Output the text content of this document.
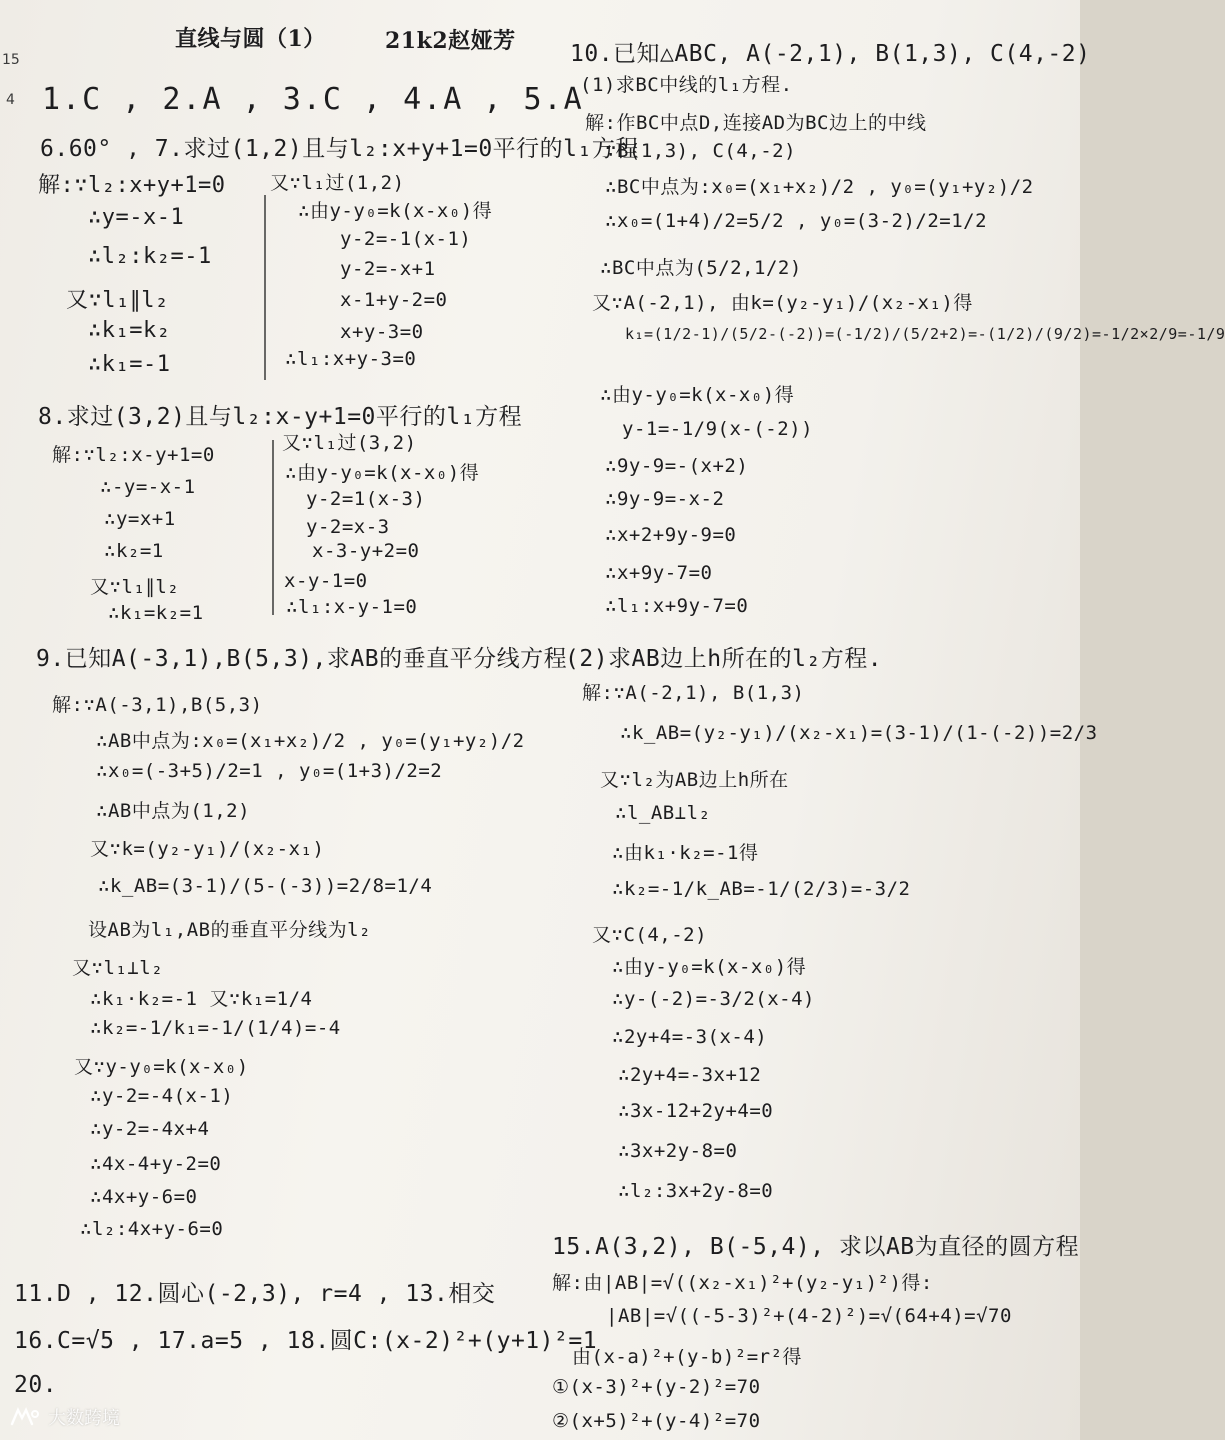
15
4
直线与圆（1）	21k2赵娅芳
1.C , 2.A , 3.C , 4.A , 5.A
6.60° , 7.求过(1,2)且与l₂:x+y+1=0平行的l₁方程
解:∵l₂:x+y+1=0
∴y=-x-1
∴l₂:k₂=-1
又∵l₁∥l₂
∴k₁=k₂
∴k₁=-1
又∵l₁过(1,2)
∴由y-y₀=k(x-x₀)得
y-2=-1(x-1)
y-2=-x+1
x-1+y-2=0
x+y-3=0
∴l₁:x+y-3=0
8.求过(3,2)且与l₂:x-y+1=0平行的l₁方程
解:∵l₂:x-y+1=0
∴-y=-x-1
∴y=x+1
∴k₂=1
又∵l₁∥l₂
∴k₁=k₂=1
又∵l₁过(3,2)
∴由y-y₀=k(x-x₀)得
y-2=1(x-3)
y-2=x-3
x-3-y+2=0
x-y-1=0
∴l₁:x-y-1=0
9.已知A(-3,1),B(5,3),求AB的垂直平分线方程
解:∵A(-3,1),B(5,3)
∴AB中点为:x₀=(x₁+x₂)/2 , y₀=(y₁+y₂)/2
∴x₀=(-3+5)/2=1 , y₀=(1+3)/2=2
∴AB中点为(1,2)
又∵k=(y₂-y₁)/(x₂-x₁)
∴k_AB=(3-1)/(5-(-3))=2/8=1/4
设AB为l₁,AB的垂直平分线为l₂
又∵l₁⊥l₂
∴k₁·k₂=-1 又∵k₁=1/4
∴k₂=-1/k₁=-1/(1/4)=-4
又∵y-y₀=k(x-x₀)
∴y-2=-4(x-1)
∴y-2=-4x+4
∴4x-4+y-2=0
∴4x+y-6=0
∴l₂:4x+y-6=0
11.D , 12.圆心(-2,3), r=4 , 13.相交
16.C=√5 , 17.a=5 , 18.圆C:(x-2)²+(y+1)²=1
20.
10.已知△ABC, A(-2,1), B(1,3), C(4,-2)
(1)求BC中线的l₁方程.
解:作BC中点D,连接AD为BC边上的中线
∵B(1,3), C(4,-2)
∴BC中点为:x₀=(x₁+x₂)/2 , y₀=(y₁+y₂)/2
∴x₀=(1+4)/2=5/2 , y₀=(3-2)/2=1/2
∴BC中点为(5/2,1/2)
又∵A(-2,1), 由k=(y₂-y₁)/(x₂-x₁)得
k₁=(1/2-1)/(5/2-(-2))=(-1/2)/(5/2+2)=-(1/2)/(9/2)=-1/2×2/9=-1/9
∴由y-y₀=k(x-x₀)得
y-1=-1/9(x-(-2))
∴9y-9=-(x+2)
∴9y-9=-x-2
∴x+2+9y-9=0
∴x+9y-7=0
∴l₁:x+9y-7=0
(2)求AB边上h所在的l₂方程.
解:∵A(-2,1), B(1,3)
∴k_AB=(y₂-y₁)/(x₂-x₁)=(3-1)/(1-(-2))=2/3
又∵l₂为AB边上h所在
∴l_AB⊥l₂
∴由k₁·k₂=-1得
∴k₂=-1/k_AB=-1/(2/3)=-3/2
又∵C(4,-2)
∴由y-y₀=k(x-x₀)得
∴y-(-2)=-3/2(x-4)
∴2y+4=-3(x-4)
∴2y+4=-3x+12
∴3x-12+2y+4=0
∴3x+2y-8=0
∴l₂:3x+2y-8=0
15.A(3,2), B(-5,4), 求以AB为直径的圆方程
解:由|AB|=√((x₂-x₁)²+(y₂-y₁)²)得:
|AB|=√((-5-3)²+(4-2)²)=√(64+4)=√70
由(x-a)²+(y-b)²=r²得
①(x-3)²+(y-2)²=70
②(x+5)²+(y-4)²=70
大数跨境
